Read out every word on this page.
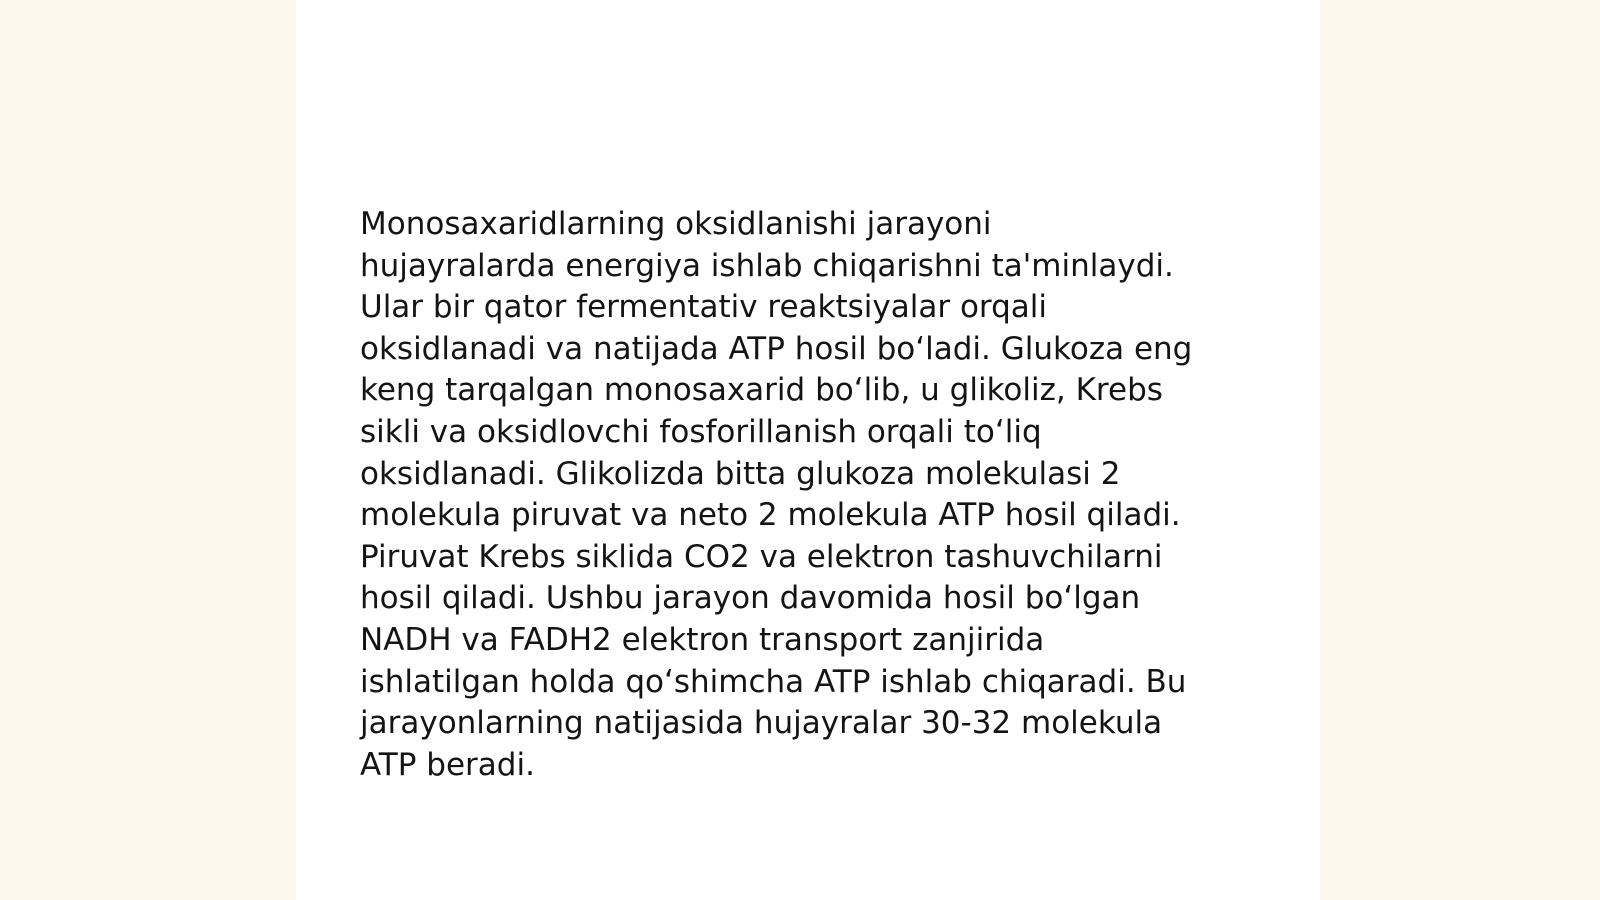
Monosaxaridlarning oksidlanishi jarayoni
hujayralarda energiya ishlab chiqarishni ta'minlaydi.
Ular bir qator fermentativ reaktsiyalar orqali
oksidlanadi va natijada ATP hosil boʻladi. Glukoza eng
keng tarqalgan monosaxarid boʻlib, u glikoliz, Krebs
sikli va oksidlovchi fosforillanish orqali toʻliq
oksidlanadi. Glikolizda bitta glukoza molekulasi 2
molekula piruvat va neto 2 molekula ATP hosil qiladi.
Piruvat Krebs siklida CO2 va elektron tashuvchilarni
hosil qiladi. Ushbu jarayon davomida hosil boʻlgan
NADH va FADH2 elektron transport zanjirida
ishlatilgan holda qoʻshimcha ATP ishlab chiqaradi. Bu
jarayonlarning natijasida hujayralar 30-32 molekula
ATP beradi.
